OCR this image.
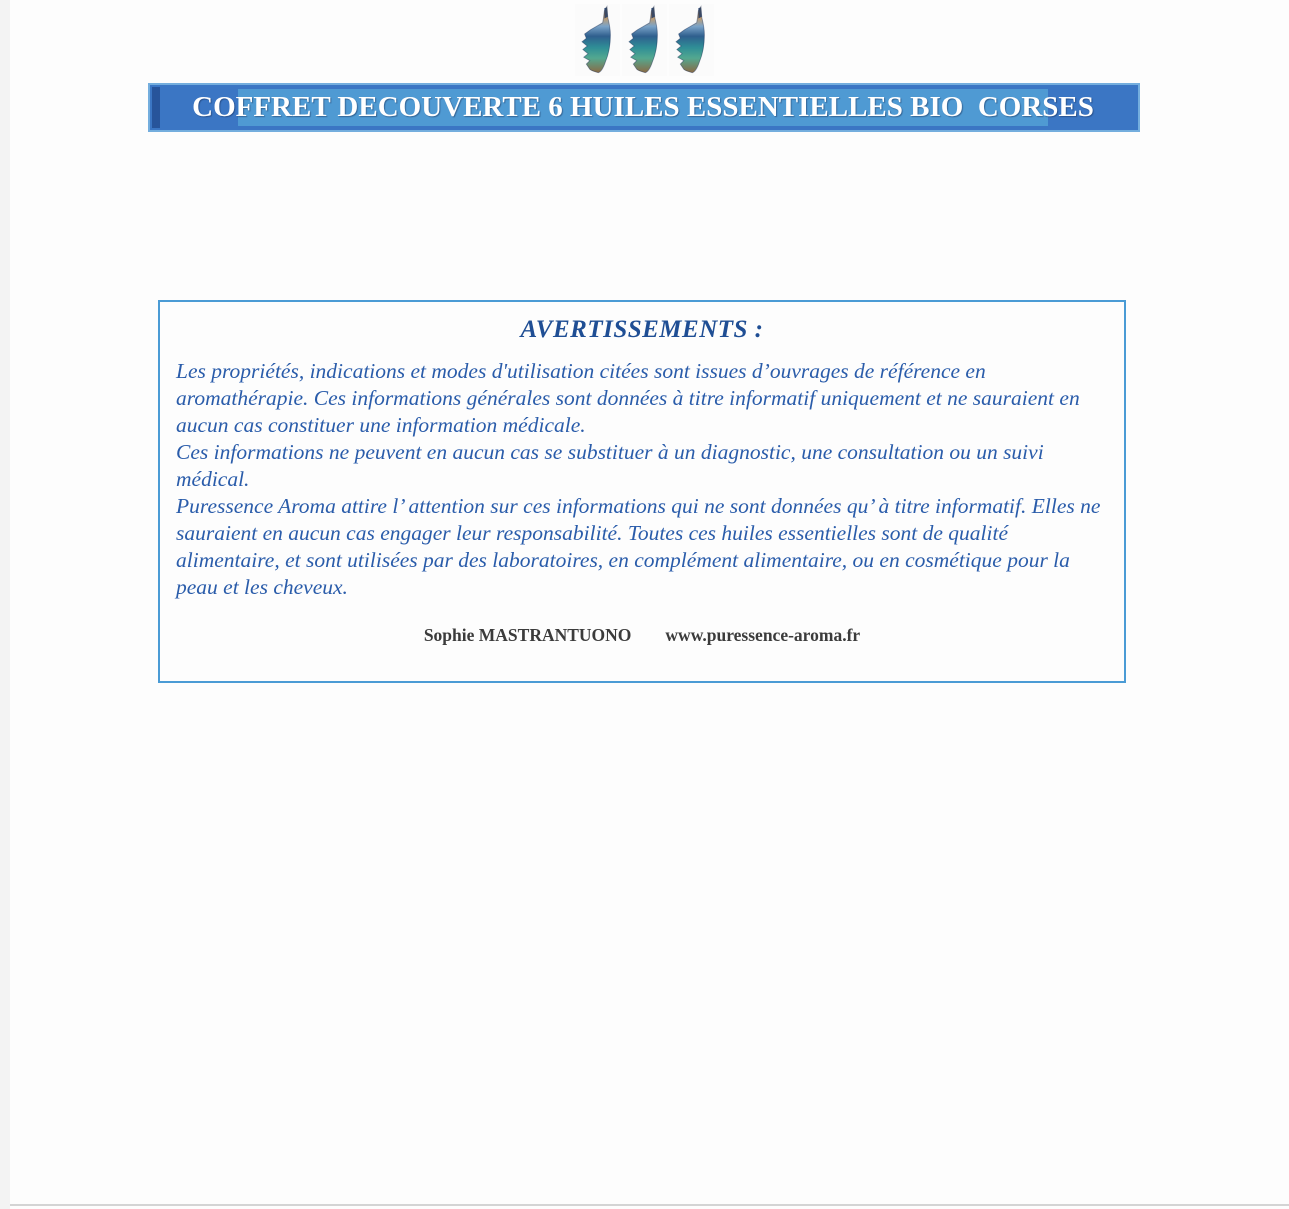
COFFRET DECOUVERTE 6 HUILES ESSENTIELLES BIO  CORSES
AVERTISSEMENTS :

Les propriétés, indications et modes d'utilisation citées sont issues d’ouvrages de référence en aromathérapie. Ces informations générales sont données à titre informatif uniquement et ne sauraient en aucun cas constituer une information médicale.

Ces informations ne peuvent en aucun cas se substituer à un diagnostic, une consultation ou un suivi médical.

Puressence Aroma attire l’ attention sur ces informations qui ne sont données qu’ à titre informatif. Elles ne sauraient en aucun cas engager leur responsabilité. Toutes ces huiles essentielles sont de qualité alimentaire, et sont utilisées par des laboratoires, en complément alimentaire, ou en cosmétique pour la peau et les cheveux.

Sophie MASTRANTUONO www.puressence-aroma.fr
